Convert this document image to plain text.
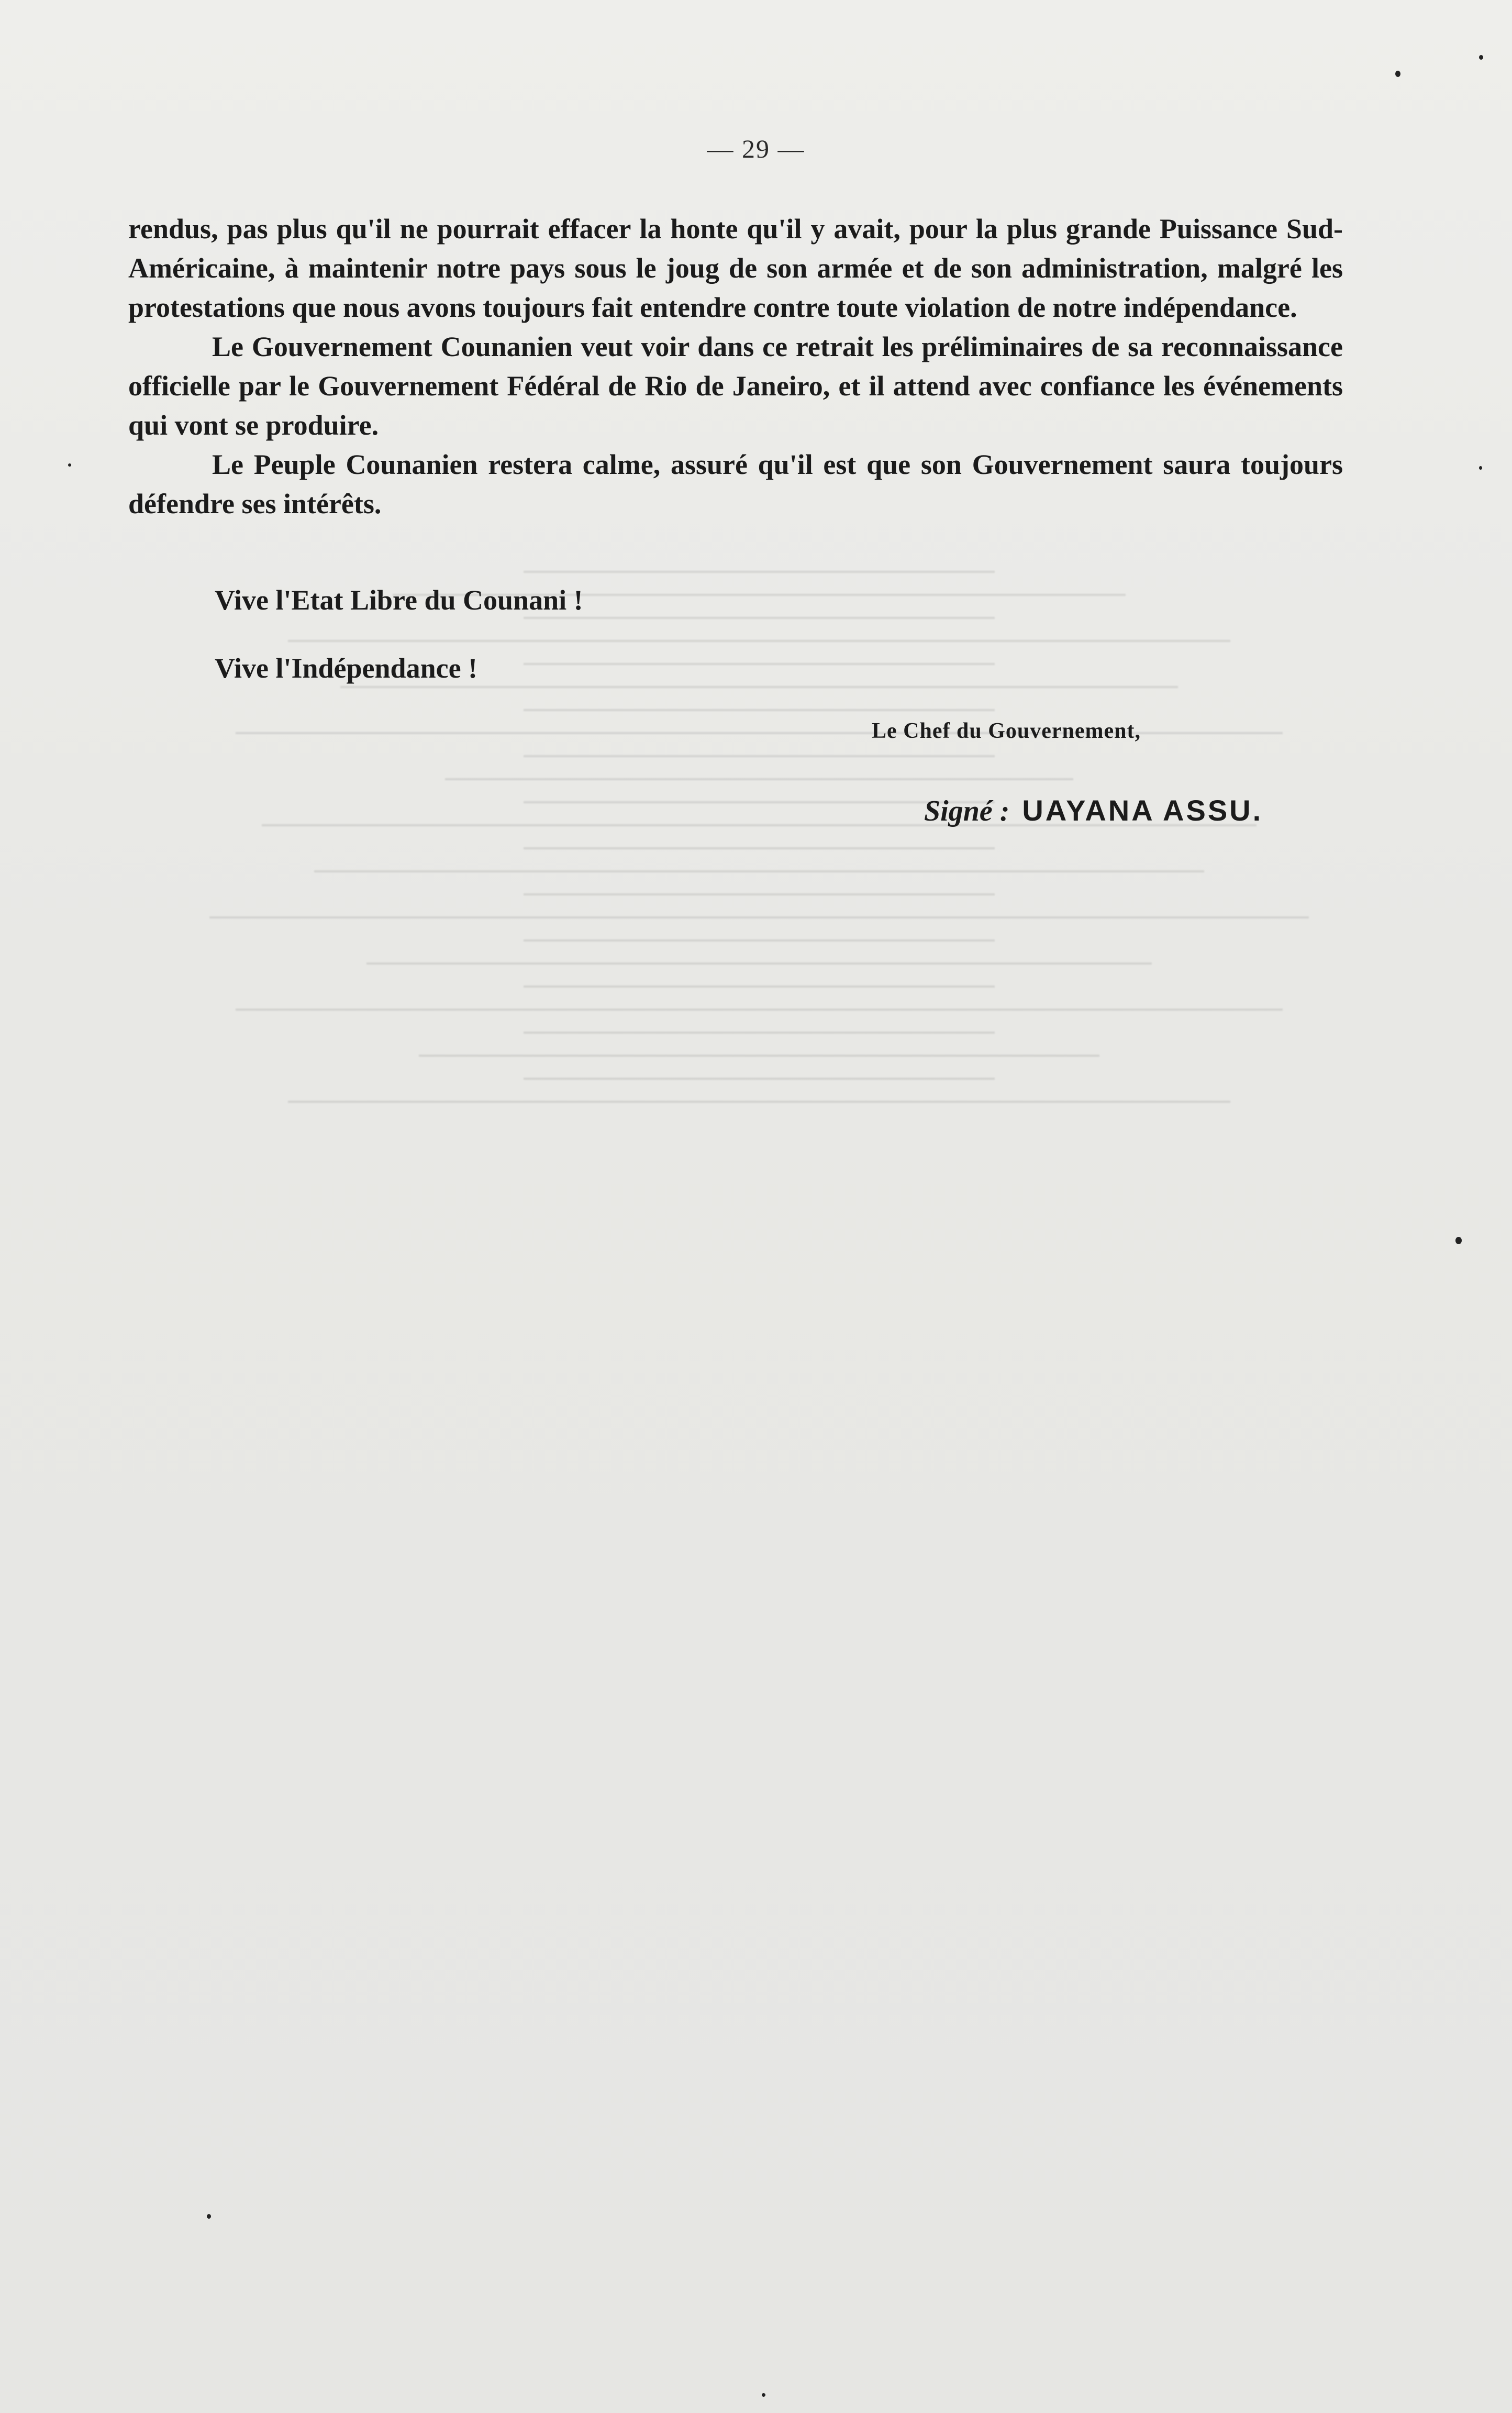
— 29 —

rendus, pas plus qu'il ne pourrait effacer la honte qu'il y avait, pour la plus grande Puissance Sud-Américaine, à maintenir notre pays sous le joug de son armée et de son administration, malgré les protestations que nous avons toujours fait entendre contre toute violation de notre indépendance.

Le Gouvernement Counanien veut voir dans ce retrait les préliminaires de sa reconnaissance officielle par le Gouvernement Fédéral de Rio de Janeiro, et il attend avec confiance les événements qui vont se produire.

Le Peuple Counanien restera calme, assuré qu'il est que son Gouvernement saura toujours défendre ses intérêts.

Vive l'Etat Libre du Counani !
Vive l'Indépendance !
Le Chef du Gouvernement,
Signé : UAYANA ASSU.
